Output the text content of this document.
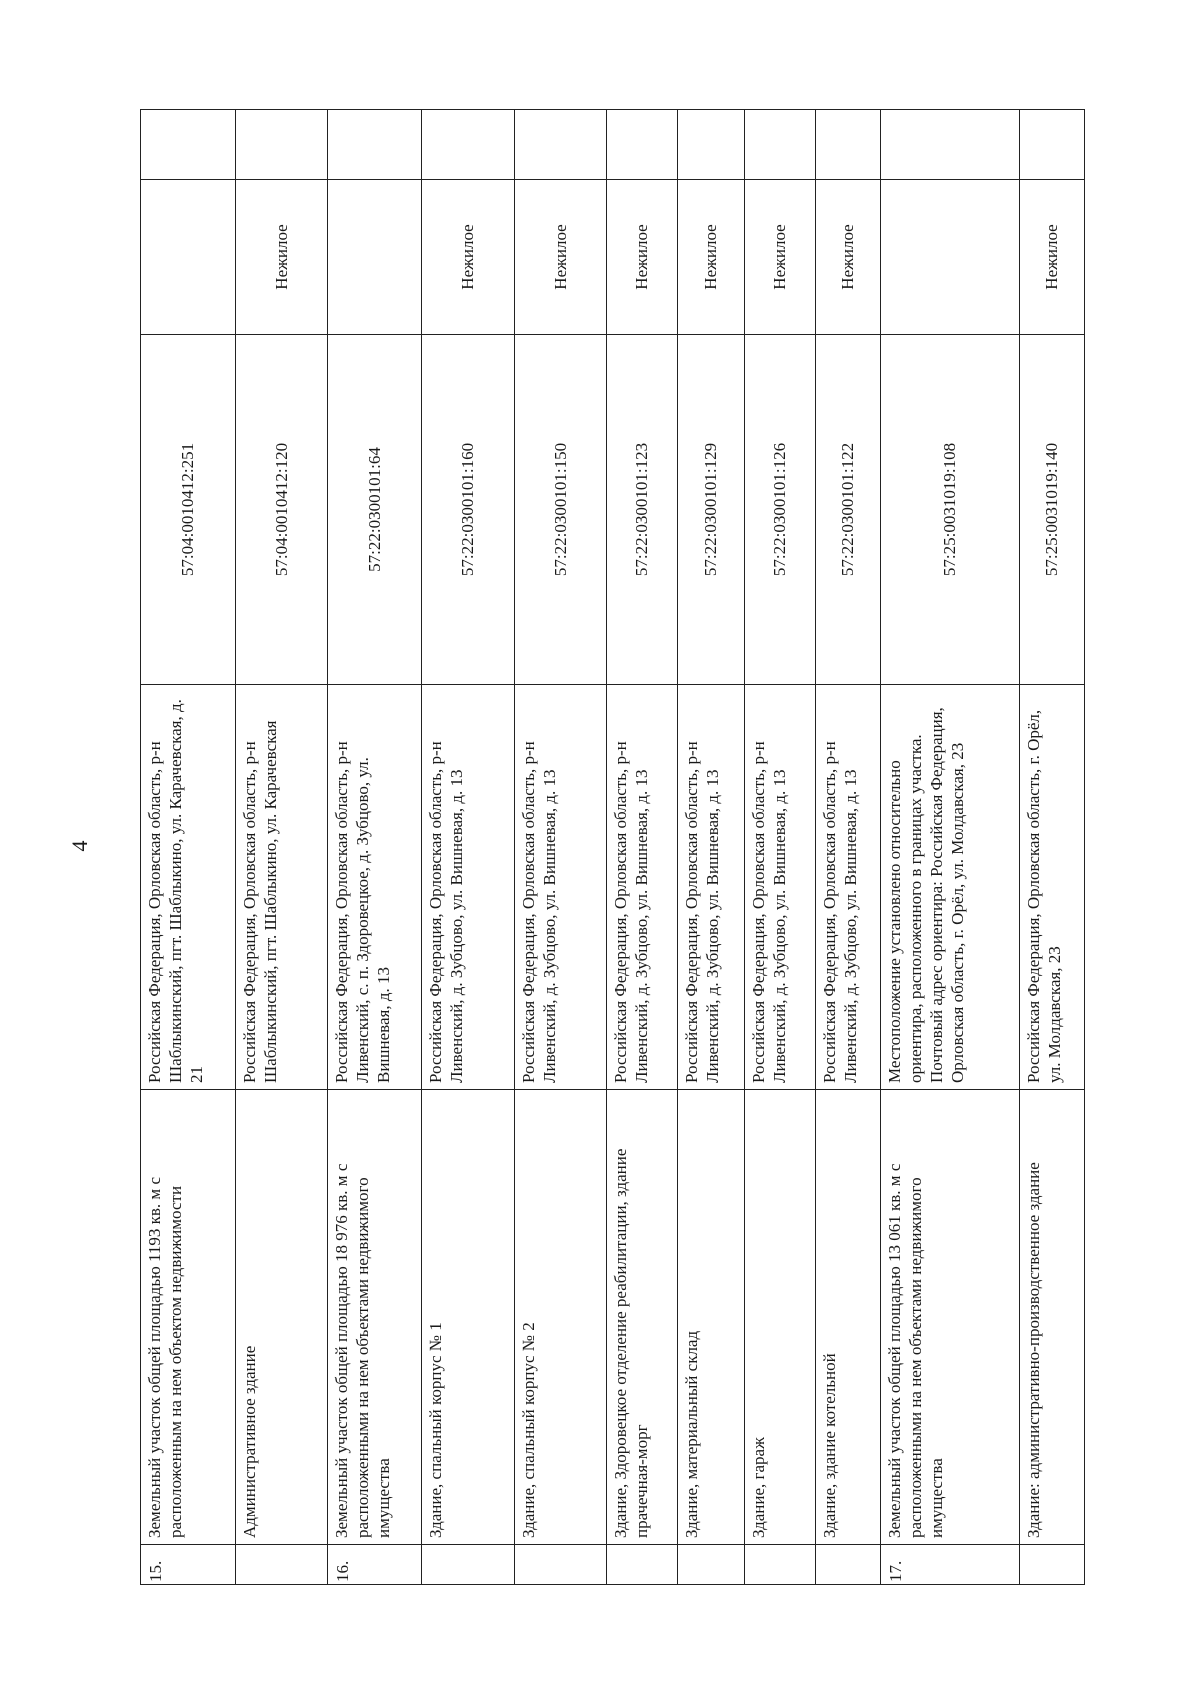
4
15.	Земельный участок общей площадью 1193 кв. м с расположенным на нем объектом недвижимости	Российская Федерация, Орловская область, р-н Шаблыкинский, пгт. Шаблыкино, ул. Карачевская, д. 21	57:04:0010412:251		
	Административное здание	Российская Федерация, Орловская область, р-н Шаблыкинский, пгт. Шаблыкино, ул. Карачевская	57:04:0010412:120	Нежилое	
16.	Земельный участок общей площадью 18 976 кв. м с расположенными на нем объектами недвижимого имущества	Российская Федерация, Орловская область, р-н Ливенский, с. п. Здоровецкое, д. Зубцово, ул. Вишневая, д. 13	57:22:0300101:64		
	Здание, спальный корпус № 1	Российская Федерация, Орловская область, р-н Ливенский, д. Зубцово, ул. Вишневая, д. 13	57:22:0300101:160	Нежилое	
	Здание, спальный корпус № 2	Российская Федерация, Орловская область, р-н Ливенский, д. Зубцово, ул. Вишневая, д. 13	57:22:0300101:150	Нежилое	
	Здание, Здоровецкое отделение реабилитации, здание прачечная-морг	Российская Федерация, Орловская область, р-н Ливенский, д. Зубцово, ул. Вишневая, д. 13	57:22:0300101:123	Нежилое	
	Здание, материальный склад	Российская Федерация, Орловская область, р-н Ливенский, д. Зубцово, ул. Вишневая, д. 13	57:22:0300101:129	Нежилое	
	Здание, гараж	Российская Федерация, Орловская область, р-н Ливенский, д. Зубцово, ул. Вишневая, д. 13	57:22:0300101:126	Нежилое	
	Здание, здание котельной	Российская Федерация, Орловская область, р-н Ливенский, д. Зубцово, ул. Вишневая, д. 13	57:22:0300101:122	Нежилое	
17.	Земельный участок общей площадью 13 061 кв. м с расположенными на нем объектами недвижимого имущества	Местоположение установлено относительно ориентира, расположенного в границах участка. Почтовый адрес ориентира: Российская Федерация, Орловская область, г. Орёл, ул. Молдавская, 23	57:25:0031019:108		
	Здание: административно-производственное здание	Российская Федерация, Орловская область, г. Орёл, ул. Молдавская, 23	57:25:0031019:140	Нежилое	
